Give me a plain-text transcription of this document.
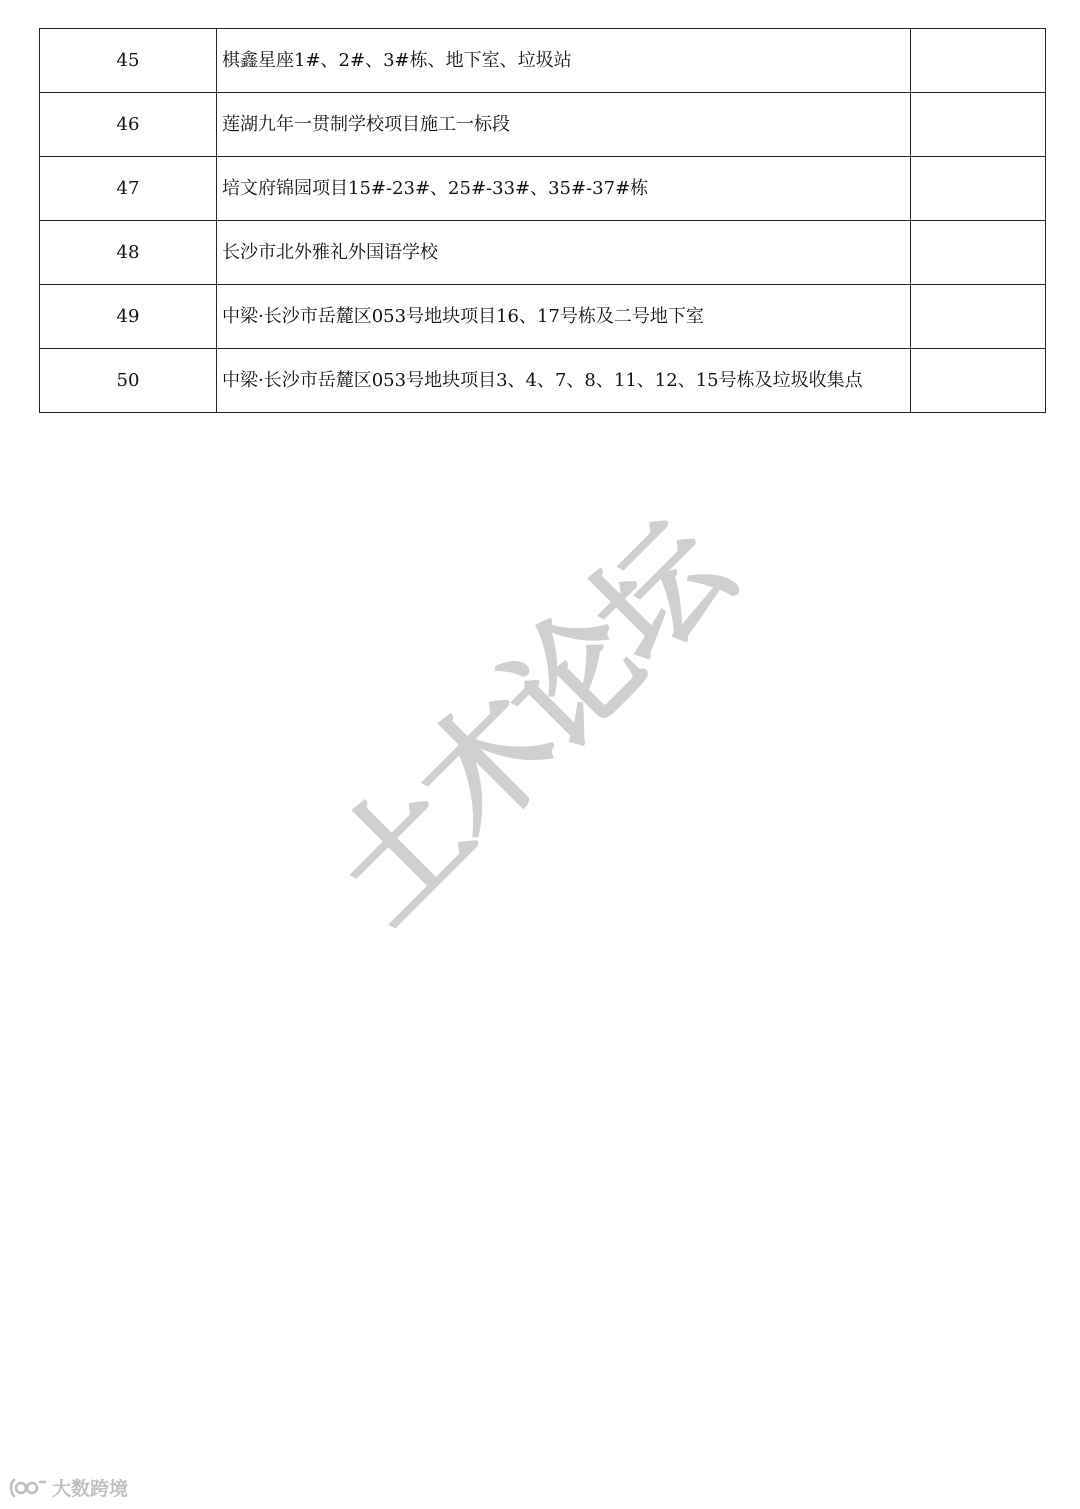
45	棋鑫星座1#、2#、3#栋、地下室、垃圾站	

46	莲湖九年一贯制学校项目施工一标段	

47	培文府锦园项目15#-23#、25#-33#、35#-37#栋	

48	长沙市北外雅礼外国语学校	

49	中梁·长沙市岳麓区053号地块项目16、17号栋及二号地下室	

50	中梁·长沙市岳麓区053号地块项目3、4、7、8、11、12、15号栋及垃圾收集点	

土木论坛
大数跨境
